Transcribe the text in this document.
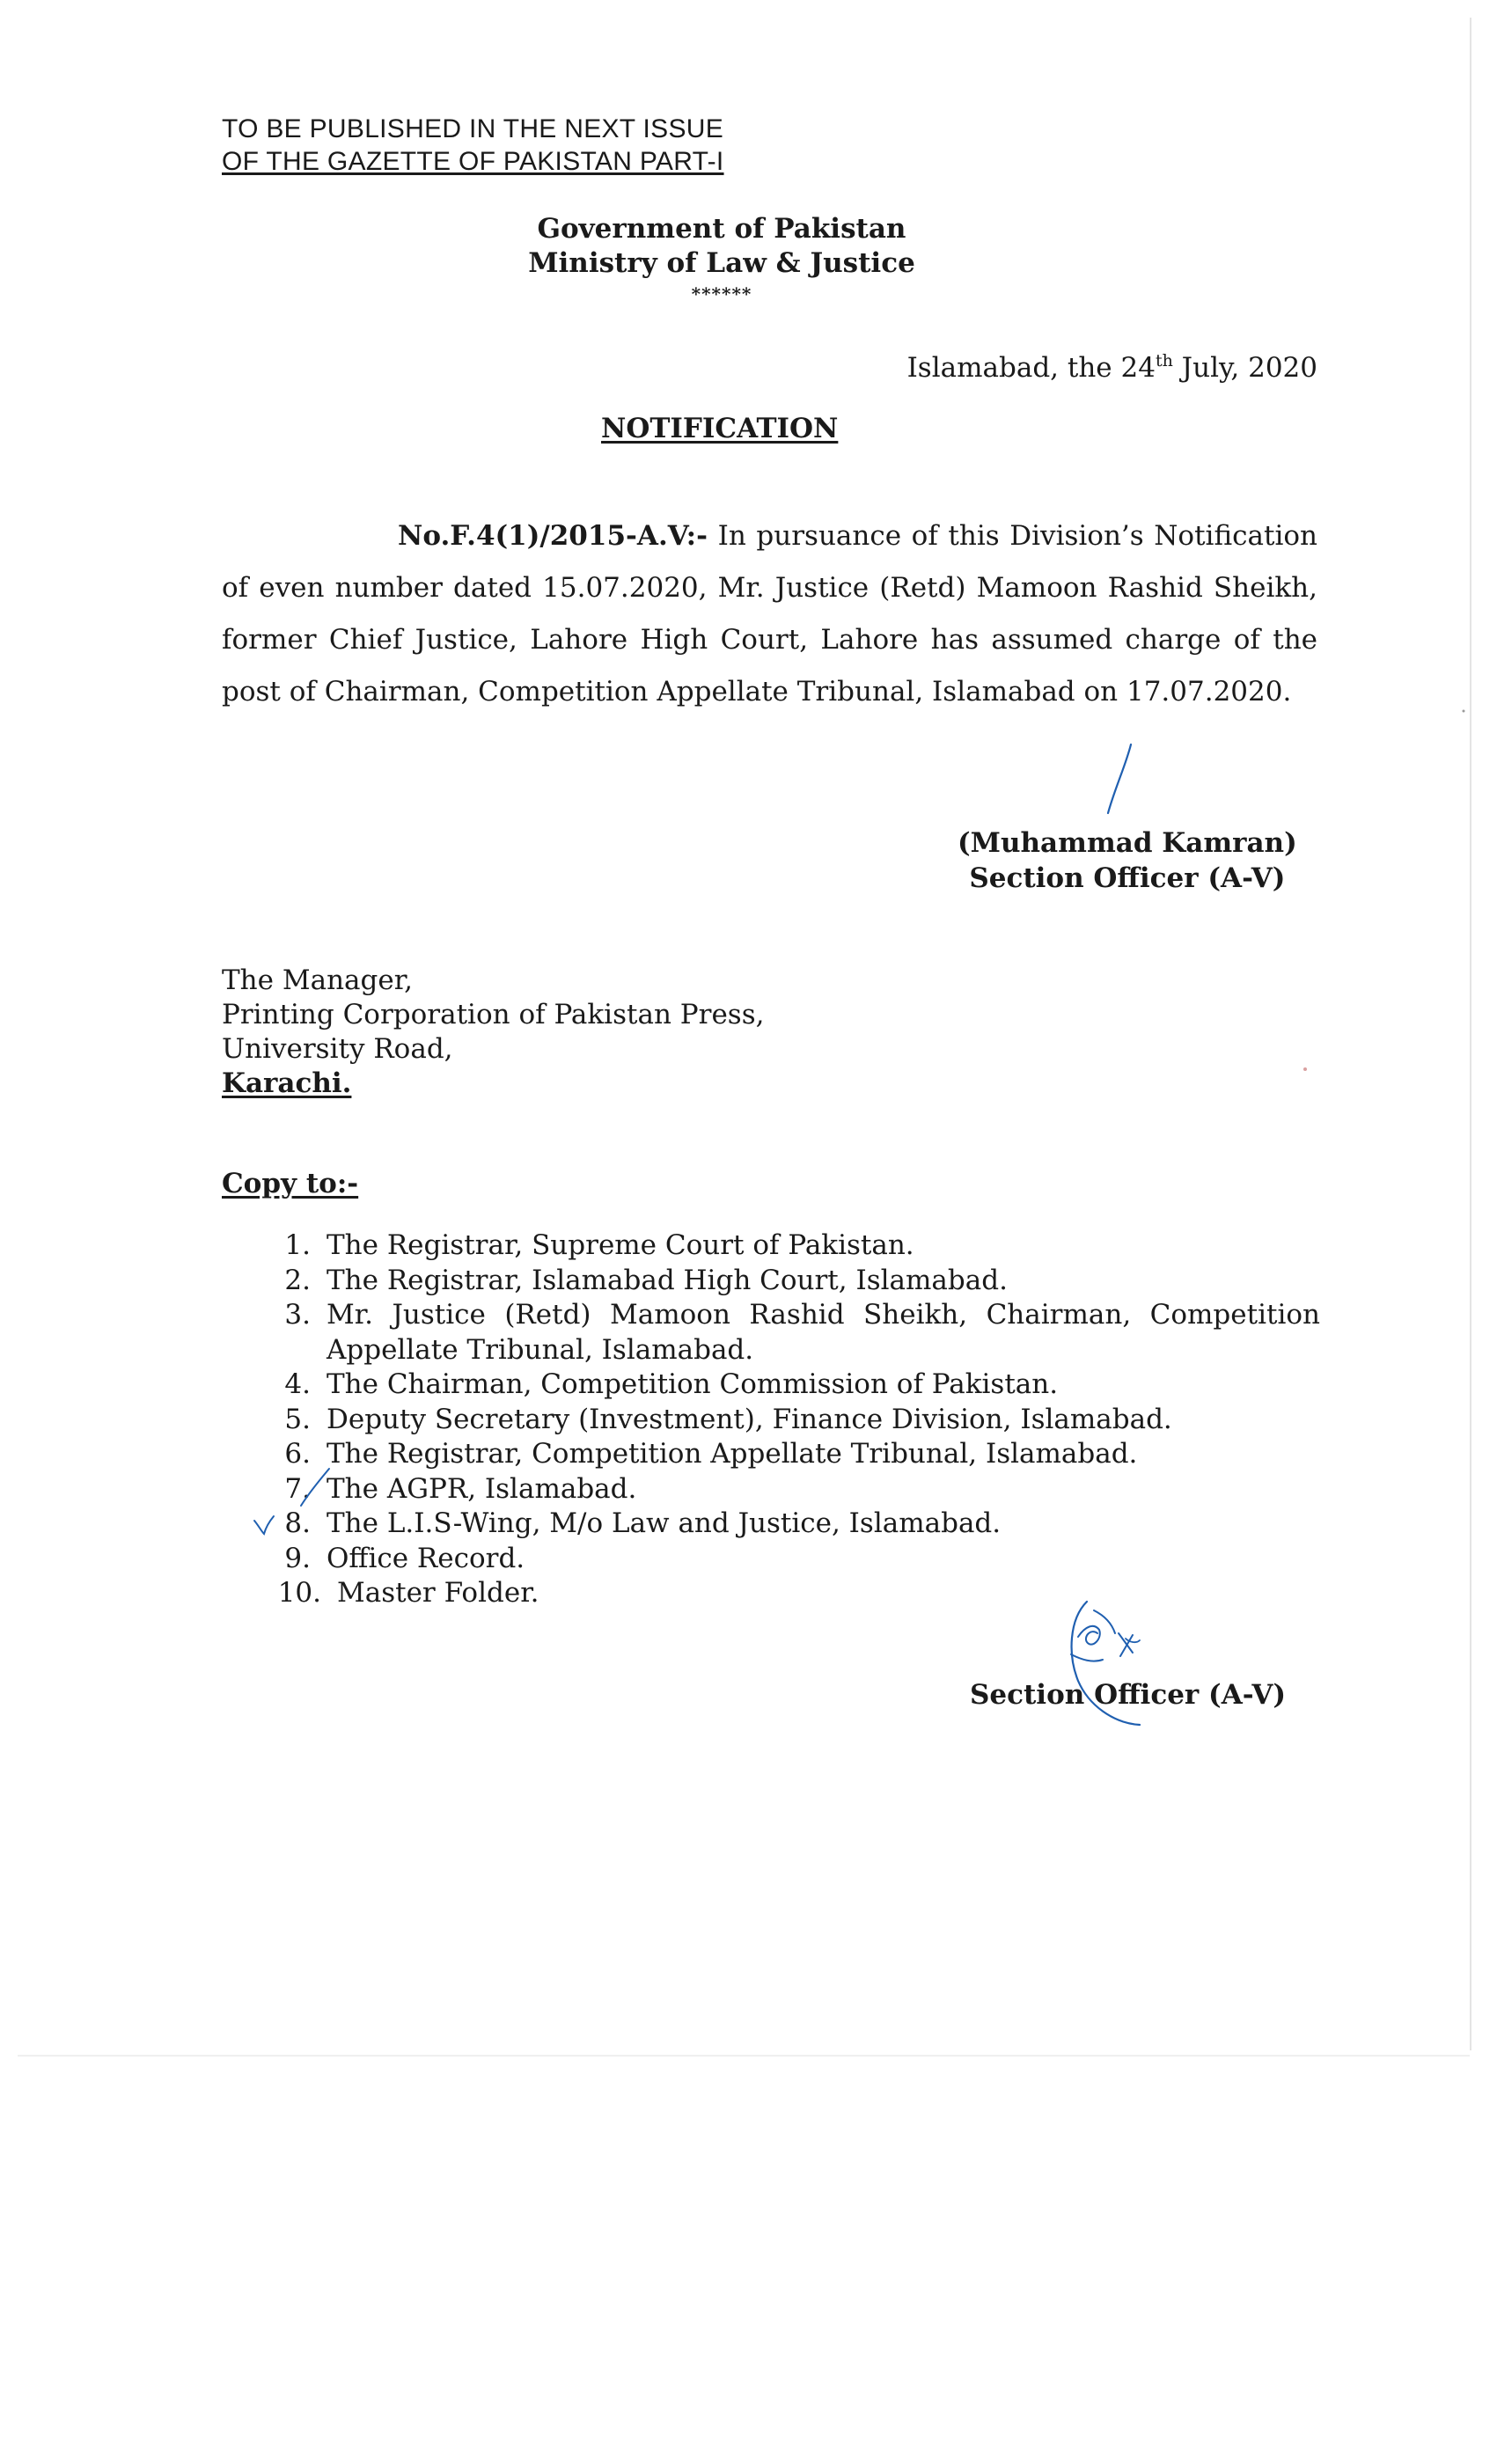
TO BE PUBLISHED IN THE NEXT ISSUE
OF THE GAZETTE OF PAKISTAN PART-I
Government of Pakistan
Ministry of Law & Justice
******
Islamabad, the 24th July, 2020
NOTIFICATION
No.F.4(1)/2015-A.V:- In pursuance of this Division’s Notification of even number dated 15.07.2020, Mr. Justice (Retd) Mamoon Rashid Sheikh, former Chief Justice, Lahore High Court, Lahore has assumed charge of the post of Chairman, Competition Appellate Tribunal, Islamabad on 17.07.2020.
(Muhammad Kamran)
Section Officer (A-V)
The Manager,
Printing Corporation of Pakistan Press,
University Road,
Karachi.
Copy to:-
1. The Registrar, Supreme Court of Pakistan.
2. The Registrar, Islamabad High Court, Islamabad.
3. Mr. Justice (Retd) Mamoon Rashid Sheikh, Chairman, Competition Appellate Tribunal, Islamabad.
4. The Chairman, Competition Commission of Pakistan.
5. Deputy Secretary (Investment), Finance Division, Islamabad.
6. The Registrar, Competition Appellate Tribunal, Islamabad.
7. The AGPR, Islamabad.
8. The L.I.S-Wing, M/o Law and Justice, Islamabad.
9. Office Record.
10. Master Folder.
Section Officer (A-V)
